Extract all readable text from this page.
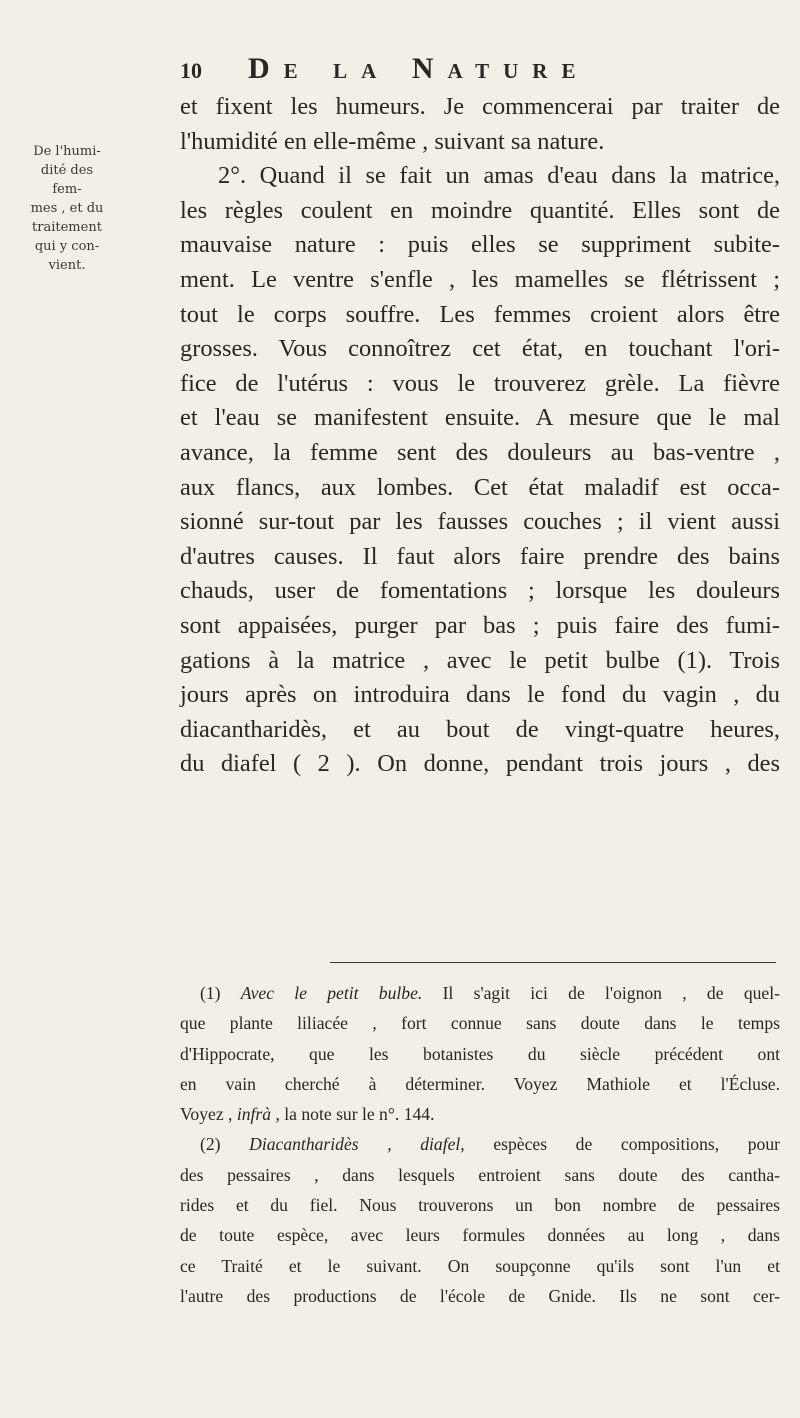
10 De la Nature
De l'humi-
dité des fem-
mes , et du
traitement
qui y con-
vient.
et fixent les humeurs. Je commencerai par traiter de
l'humidité en elle-même , suivant sa nature.
2°. Quand il se fait un amas d'eau dans la matrice,
les règles coulent en moindre quantité. Elles sont de
mauvaise nature : puis elles se suppriment subite-
ment. Le ventre s'enfle , les mamelles se flétrissent ;
tout le corps souffre. Les femmes croient alors être
grosses. Vous connoîtrez cet état, en touchant l'ori-
fice de l'utérus : vous le trouverez grèle. La fièvre
et l'eau se manifestent ensuite. A mesure que le mal
avance, la femme sent des douleurs au bas-ventre ,
aux flancs, aux lombes. Cet état maladif est occa-
sionné sur-tout par les fausses couches ; il vient aussi
d'autres causes. Il faut alors faire prendre des bains
chauds, user de fomentations ; lorsque les douleurs
sont appaisées, purger par bas ; puis faire des fumi-
gations à la matrice , avec le petit bulbe (1). Trois
jours après on introduira dans le fond du vagin , du
diacantharidès, et au bout de vingt-quatre heures,
du diafel ( 2 ). On donne, pendant trois jours , des
(1) Avec le petit bulbe. Il s'agit ici de l'oignon , de quel-
que plante liliacée , fort connue sans doute dans le temps
d'Hippocrate, que les botanistes du siècle précédent ont
en vain cherché à déterminer. Voyez Mathiole et l'Écluse.
Voyez , infrà , la note sur le n°. 144.
(2) Diacantharidès , diafel, espèces de compositions, pour
des pessaires , dans lesquels entroient sans doute des cantha-
rides et du fiel. Nous trouverons un bon nombre de pessaires
de toute espèce, avec leurs formules données au long , dans
ce Traité et le suivant. On soupçonne qu'ils sont l'un et
l'autre des productions de l'école de Gnide. Ils ne sont cer-
